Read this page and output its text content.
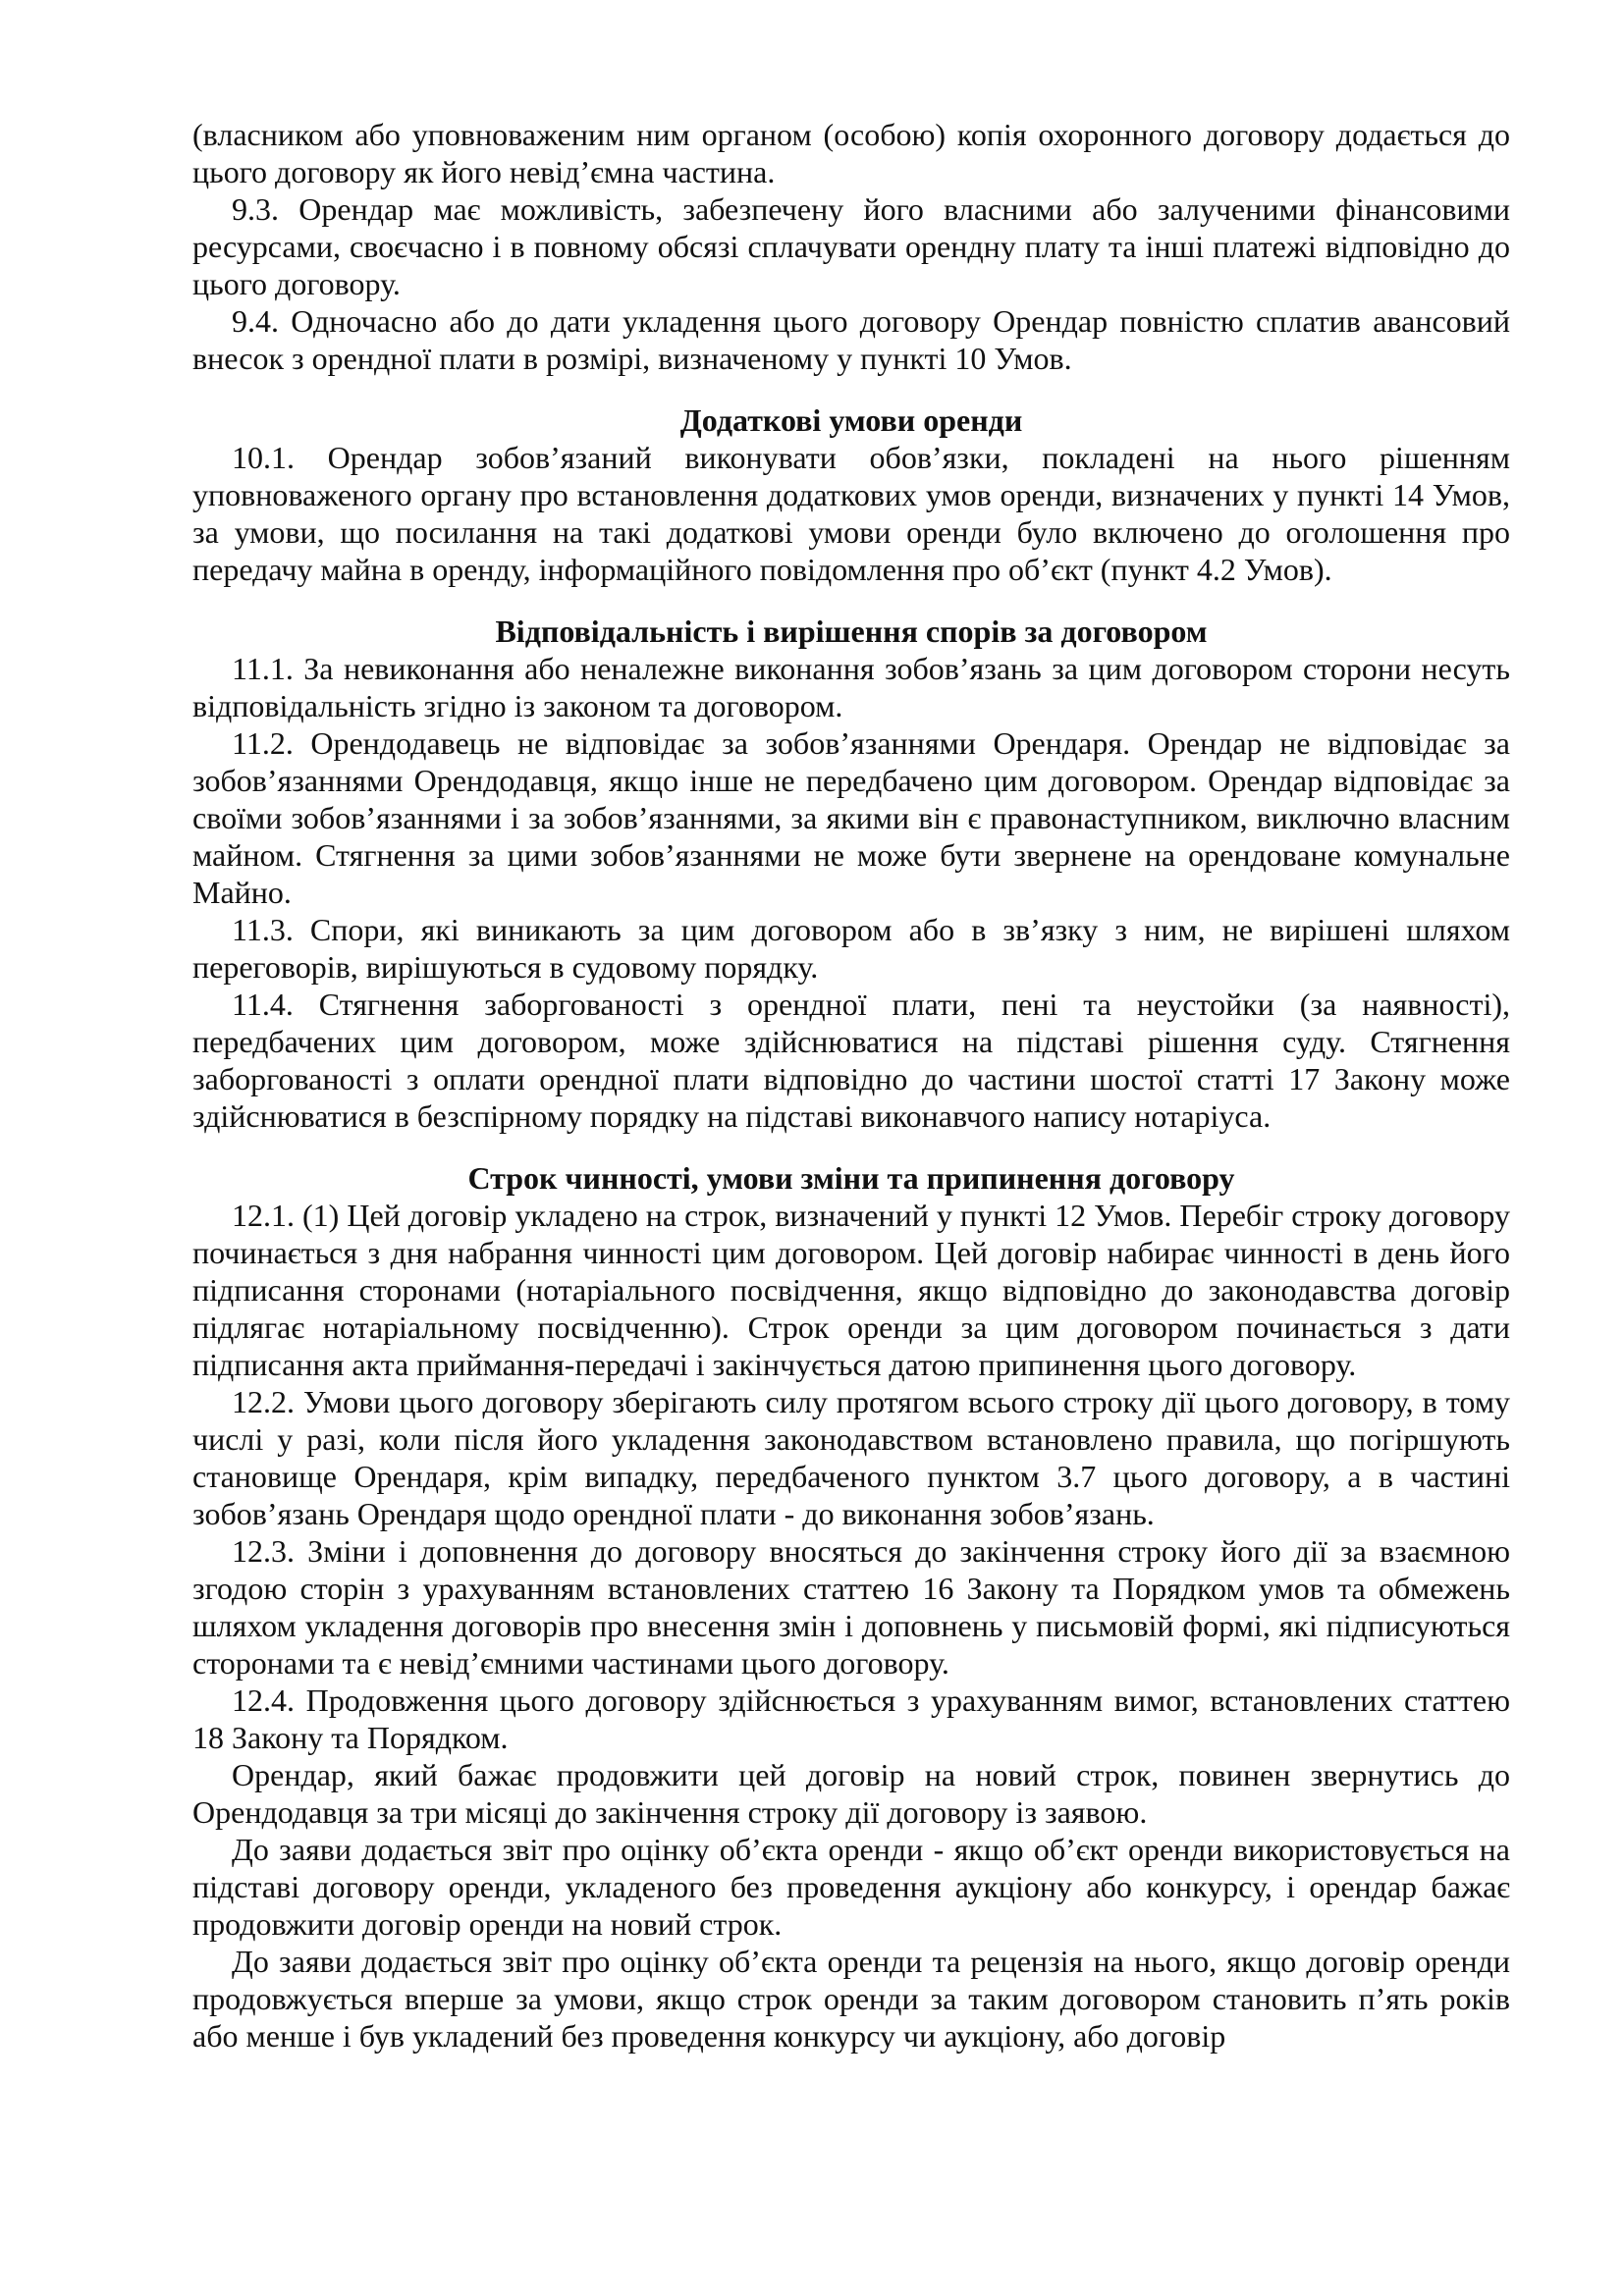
(власником або уповноваженим ним органом (особою) копія охоронного договору додається до цього договору як його невід’ємна частина.

9.3. Орендар має можливість, забезпечену його власними або залученими фінансовими ресурсами, своєчасно і в повному обсязі сплачувати орендну плату та інші платежі відповідно до цього договору.

9.4. Одночасно або до дати укладення цього договору Орендар повністю сплатив авансовий внесок з орендної плати в розмірі, визначеному у пункті 10 Умов.

Додаткові умови оренди

10.1. Орендар зобов’язаний виконувати обов’язки, покладені на нього рішенням уповноваженого органу про встановлення додаткових умов оренди, визначених у пункті 14 Умов, за умови, що посилання на такі додаткові умови оренди було включено до оголошення про передачу майна в оренду, інформаційного повідомлення про об’єкт (пункт 4.2 Умов).

Відповідальність і вирішення спорів за договором

11.1. За невиконання або неналежне виконання зобов’язань за цим договором сторони несуть відповідальність згідно із законом та договором.

11.2. Орендодавець не відповідає за зобов’язаннями Орендаря. Орендар не відповідає за зобов’язаннями Орендодавця, якщо інше не передбачено цим договором. Орендар відповідає за своїми зобов’язаннями і за зобов’язаннями, за якими він є правонаступником, виключно власним майном. Стягнення за цими зобов’язаннями не може бути звернене на орендоване комунальне Майно.

11.3. Спори, які виникають за цим договором або в зв’язку з ним, не вирішені шляхом переговорів, вирішуються в судовому порядку.

11.4. Стягнення заборгованості з орендної плати, пені та неустойки (за наявності), передбачених цим договором, може здійснюватися на підставі рішення суду. Стягнення заборгованості з оплати орендної плати відповідно до частини шостої статті 17 Закону може здійснюватися в безспірному порядку на підставі виконавчого напису нотаріуса.

Строк чинності, умови зміни та припинення договору

12.1. (1) Цей договір укладено на строк, визначений у пункті 12 Умов. Перебіг строку договору починається з дня набрання чинності цим договором. Цей договір набирає чинності в день його підписання сторонами (нотаріального посвідчення, якщо відповідно до законодавства договір підлягає нотаріальному посвідченню). Строк оренди за цим договором починається з дати підписання акта приймання-передачі і закінчується датою припинення цього договору.

12.2. Умови цього договору зберігають силу протягом всього строку дії цього договору, в тому числі у разі, коли після його укладення законодавством встановлено правила, що погіршують становище Орендаря, крім випадку, передбаченого пунктом 3.7 цього договору, а в частині зобов’язань Орендаря щодо орендної плати - до виконання зобов’язань.

12.3. Зміни і доповнення до договору вносяться до закінчення строку його дії за взаємною згодою сторін з урахуванням встановлених статтею 16 Закону та Порядком умов та обмежень шляхом укладення договорів про внесення змін і доповнень у письмовій формі, які підписуються сторонами та є невід’ємними частинами цього договору.

12.4. Продовження цього договору здійснюється з урахуванням вимог, встановлених статтею 18 Закону та Порядком.

Орендар, який бажає продовжити цей договір на новий строк, повинен звернутись до Орендодавця за три місяці до закінчення строку дії договору із заявою.

До заяви додається звіт про оцінку об’єкта оренди - якщо об’єкт оренди використовується на підставі договору оренди, укладеного без проведення аукціону або конкурсу, і орендар бажає продовжити договір оренди на новий строк.

До заяви додається звіт про оцінку об’єкта оренди та рецензія на нього, якщо договір оренди продовжується вперше за умови, якщо строк оренди за таким договором становить п’ять років або менше і був укладений без проведення конкурсу чи аукціону, або договір
